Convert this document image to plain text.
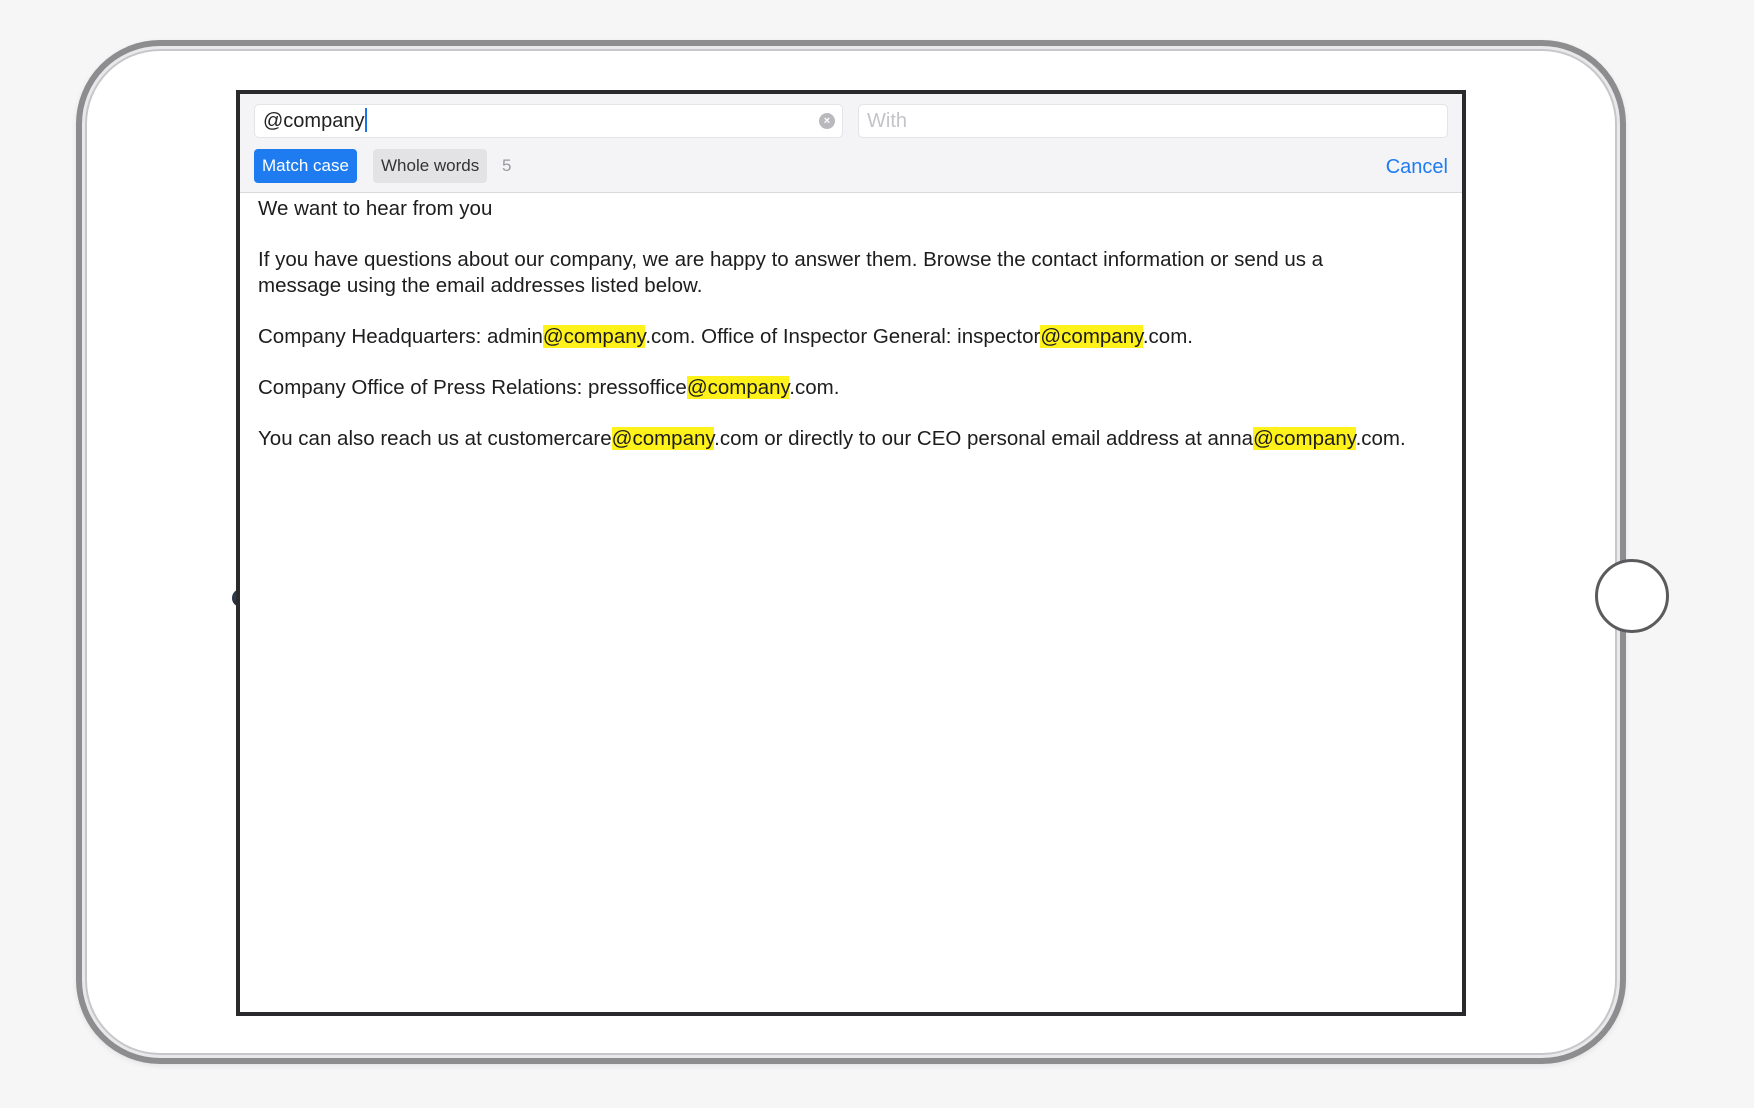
@company	× With
Match case	Whole words	5	Cancel

We want to hear from you

If you have questions about our company, we are happy to answer them. Browse the contact information or send us a message using the email addresses listed below.

Company Headquarters: admin@company.com. Office of Inspector General: inspector@company.com.

Company Office of Press Relations: pressoffice@company.com.

You can also reach us at customercare@company.com or directly to our CEO personal email address at anna@company.com.
